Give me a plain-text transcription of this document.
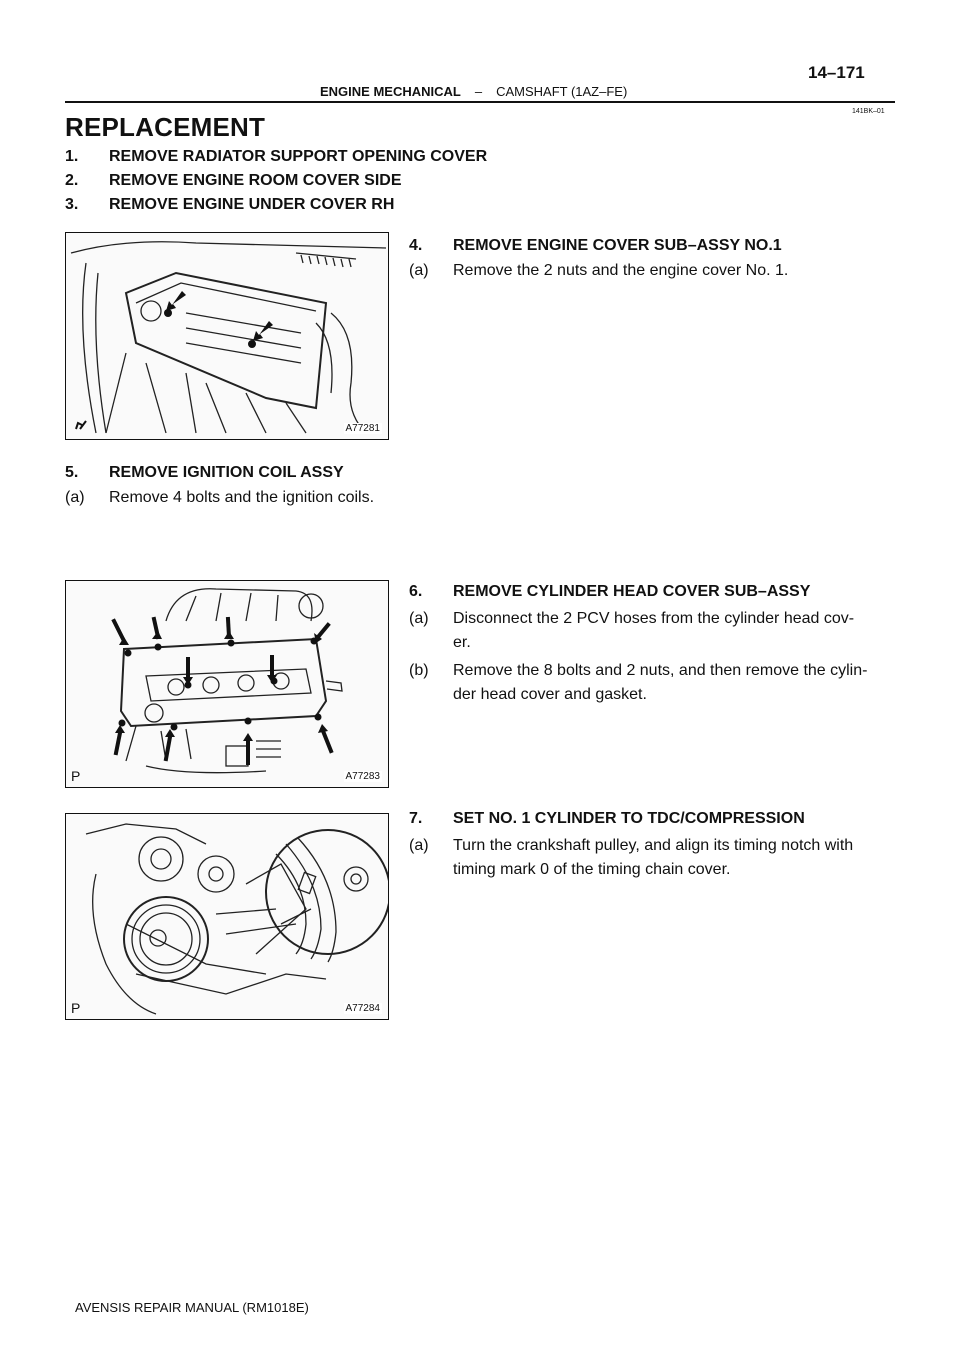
14–171
ENGINE MECHANICAL – CAMSHAFT (1AZ–FE)
141BK–01
REPLACEMENT
1. REMOVE RADIATOR SUPPORT OPENING COVER
2. REMOVE ENGINE ROOM COVER SIDE
3. REMOVE ENGINE UNDER COVER RH
A77281
4. REMOVE ENGINE COVER SUB–ASSY NO.1
(a) Remove the 2 nuts and the engine cover No. 1.
5. REMOVE IGNITION COIL ASSY
(a) Remove 4 bolts and the ignition coils.
P	A77283
6. REMOVE CYLINDER HEAD COVER SUB–ASSY
(a) Disconnect the 2 PCV hoses from the cylinder head cov-
er.
(b) Remove the 8 bolts and 2 nuts, and then remove the cylin-
der head cover and gasket.
P	A77284
7. SET NO. 1 CYLINDER TO TDC/COMPRESSION
(a) Turn the crankshaft pulley, and align its timing notch with
timing mark 0 of the timing chain cover.
AVENSIS REPAIR MANUAL (RM1018E)
